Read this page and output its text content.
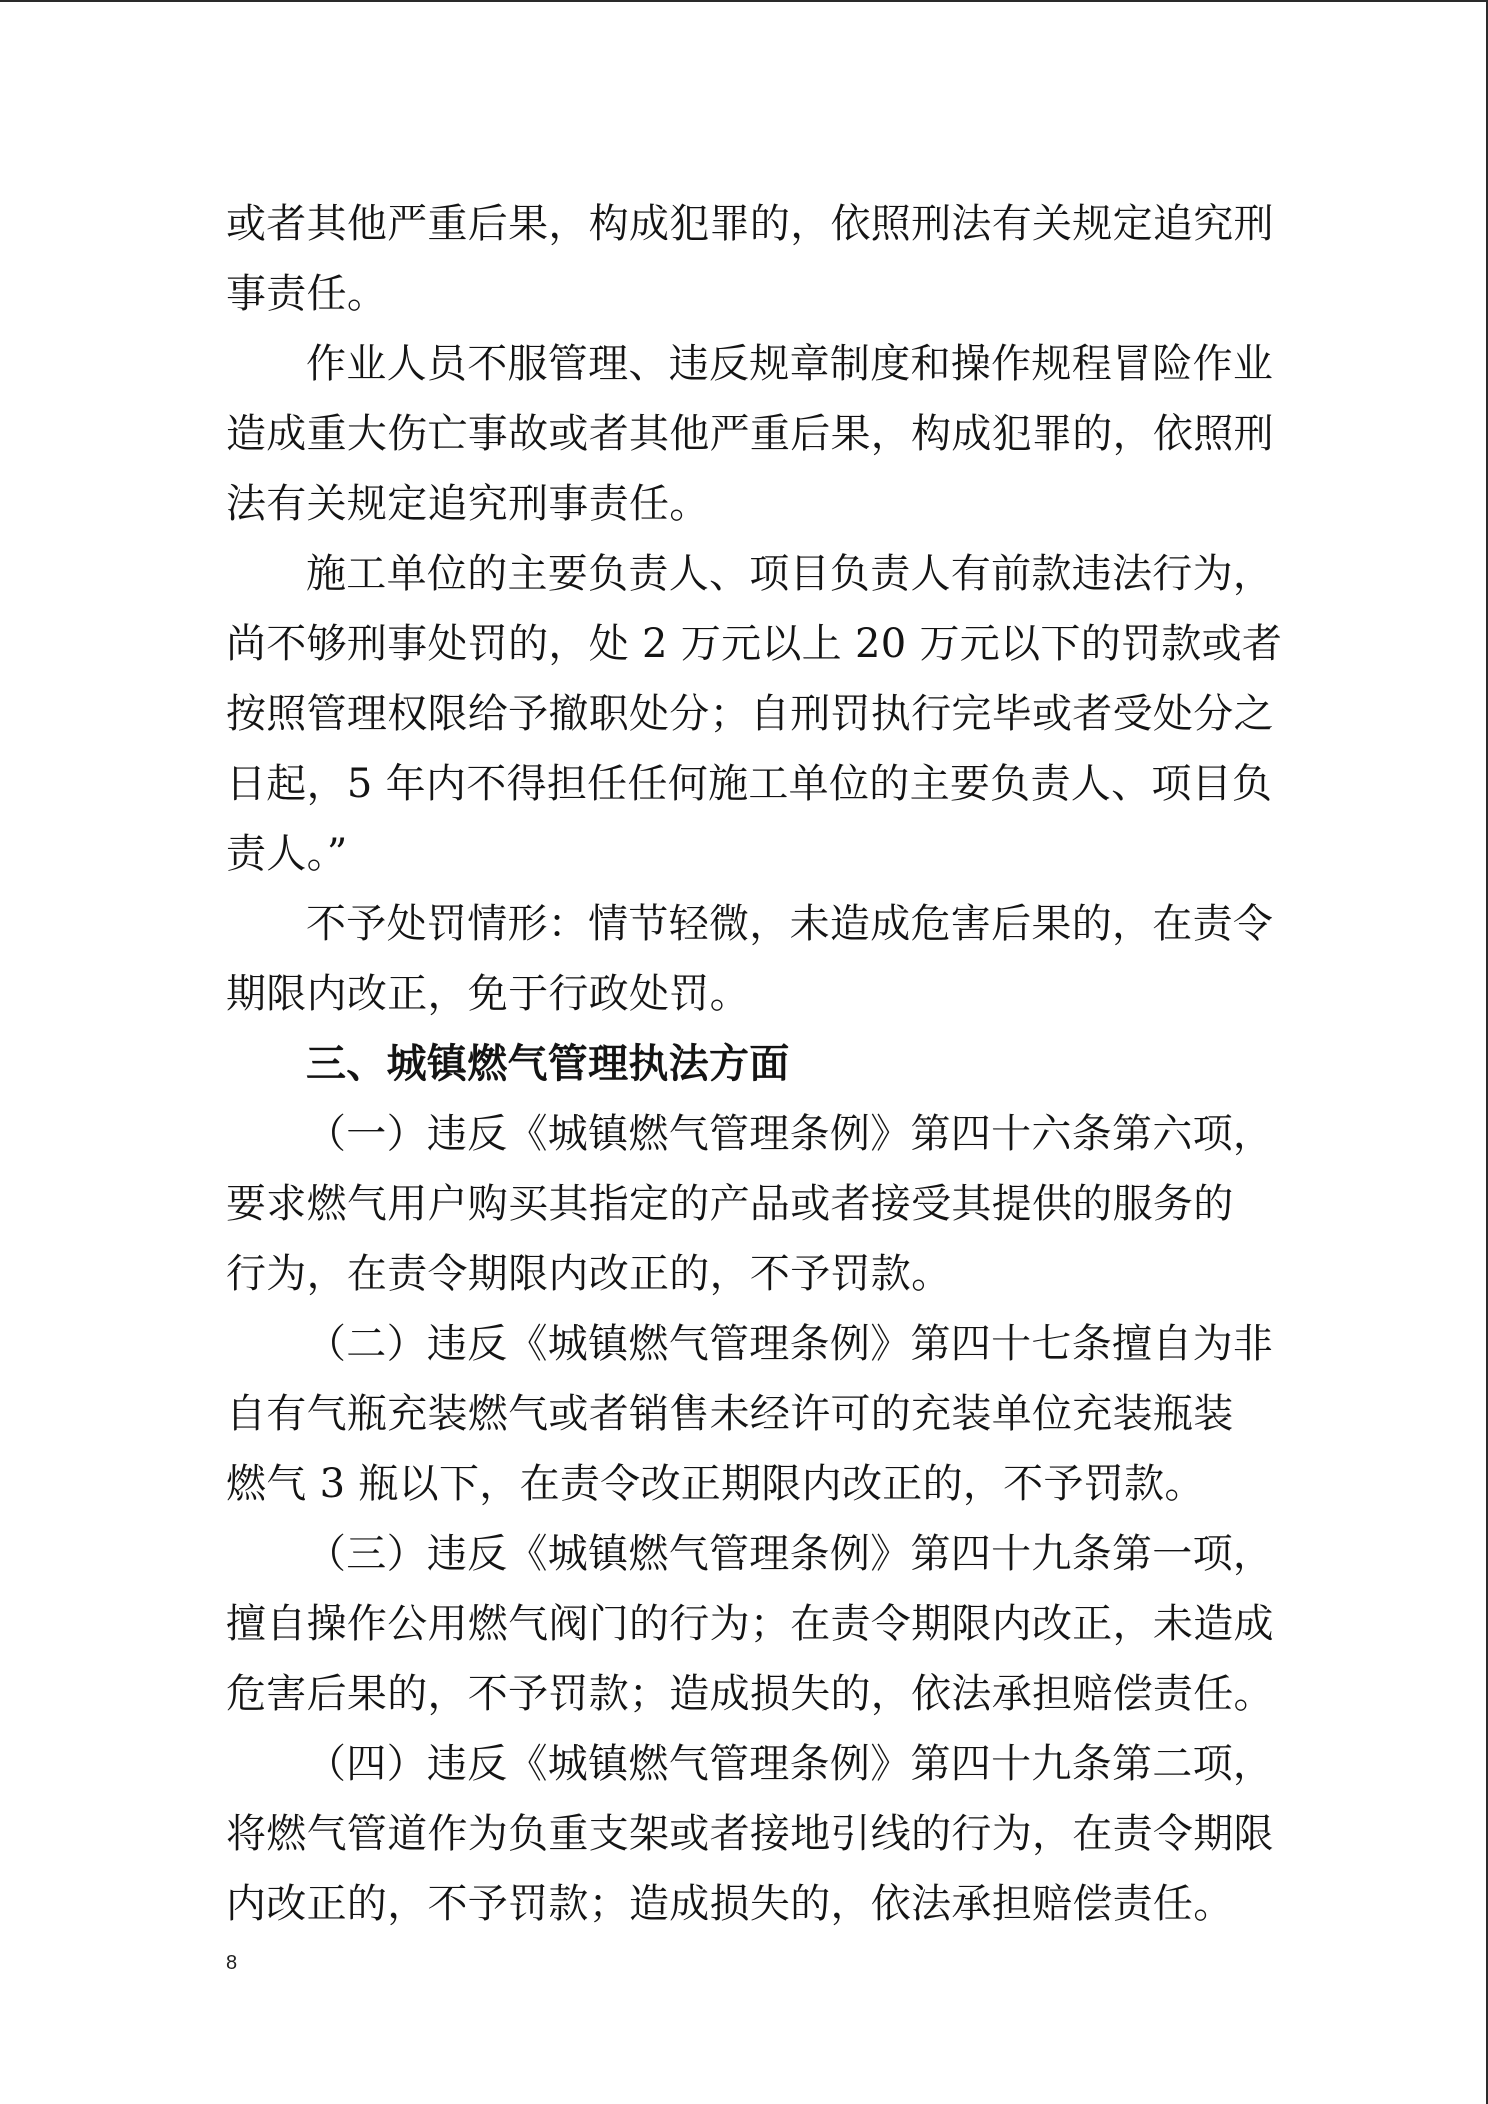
或者其他严重后果，构成犯罪的，依照刑法有关规定追究刑
事责任。
作业人员不服管理、违反规章制度和操作规程冒险作业
造成重大伤亡事故或者其他严重后果，构成犯罪的，依照刑
法有关规定追究刑事责任。
施工单位的主要负责人、项目负责人有前款违法行为，
尚不够刑事处罚的，处 2 万元以上 20 万元以下的罚款或者
按照管理权限给予撤职处分；自刑罚执行完毕或者受处分之
日起，5 年内不得担任任何施工单位的主要负责人、项目负
责人。”
不予处罚情形：情节轻微，未造成危害后果的，在责令
期限内改正，免于行政处罚。
三、城镇燃气管理执法方面
（一）违反《城镇燃气管理条例》第四十六条第六项，
要求燃气用户购买其指定的产品或者接受其提供的服务的
行为，在责令期限内改正的，不予罚款。
（二）违反《城镇燃气管理条例》第四十七条擅自为非
自有气瓶充装燃气或者销售未经许可的充装单位充装瓶装
燃气 3 瓶以下，在责令改正期限内改正的，不予罚款。
（三）违反《城镇燃气管理条例》第四十九条第一项，
擅自操作公用燃气阀门的行为；在责令期限内改正，未造成
危害后果的，不予罚款；造成损失的，依法承担赔偿责任。
（四）违反《城镇燃气管理条例》第四十九条第二项，
将燃气管道作为负重支架或者接地引线的行为，在责令期限
内改正的，不予罚款；造成损失的，依法承担赔偿责任。
8
